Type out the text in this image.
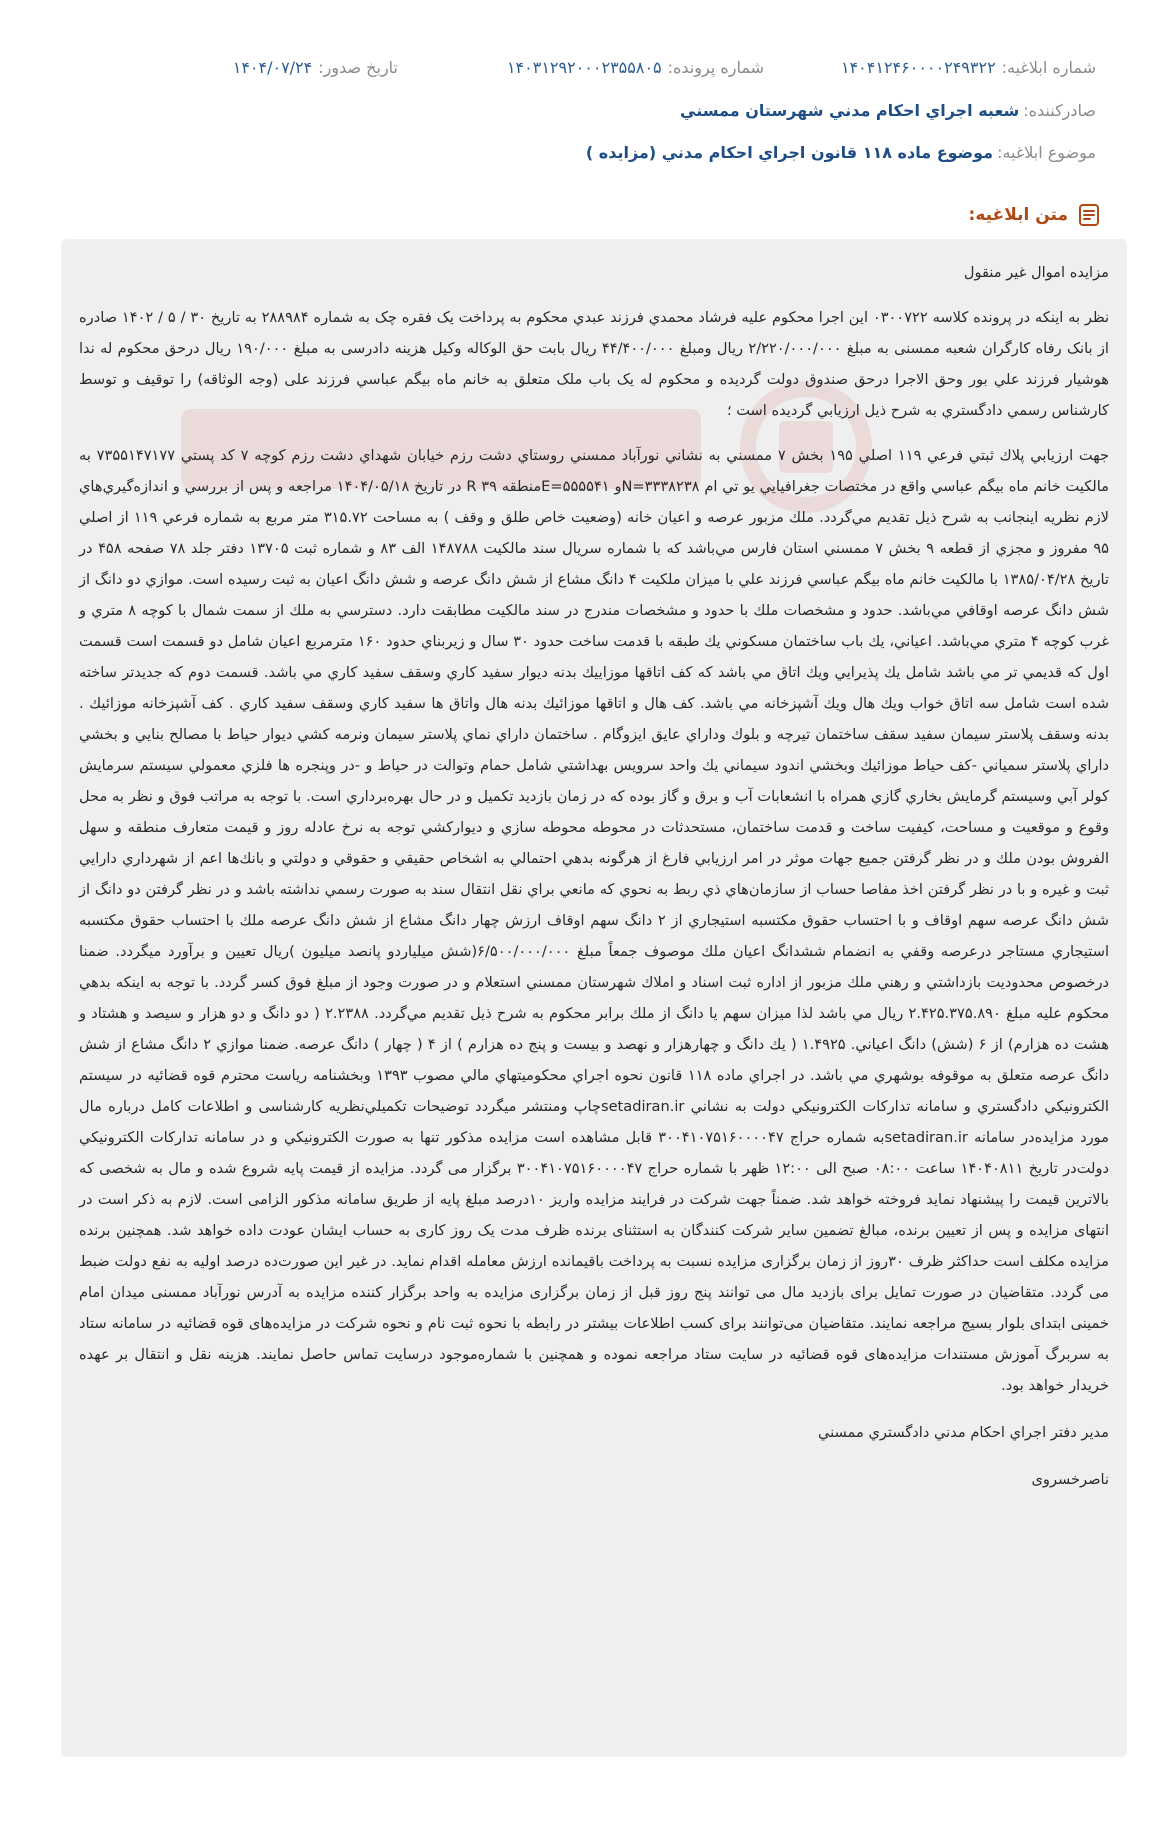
شماره ابلاغیه:۱۴۰۴۱۲۴۶۰۰۰۰۲۴۹۳۲۲
شماره پرونده:۱۴۰۳۱۲۹۲۰۰۰۲۳۵۵۸۰۵
تاریخ صدور:۱۴۰۴/۰۷/۲۴
صادرکننده:شعبه اجراي احكام مدني شهرستان ممسني
موضوع ابلاغیه:موضوع ماده ۱۱۸ قانون اجراي احكام مدني (مزايده )
متن ابلاغیه:

مزايده اموال غير منقول

نظر به اينكه در پرونده كلاسه ۰۳۰۰۷۲۲ اين اجرا محكوم عليه فرشاد محمدي فرزند عبدي محكوم به پرداخت يک فقره چک به شماره ۲۸۸۹۸۴ به تاريخ ۳۰ / ۵ / ۱۴۰۲ صادره از بانک رفاه کارگران شعبه ممسنی به مبلغ ۲/۲۲۰/۰۰۰/۰۰۰ ريال ومبلغ ۴۴/۴۰۰/۰۰۰ ريال بابت حق الوكاله وكيل هزينه دادرسی به مبلغ ۱۹۰/۰۰۰ ريال درحق محكوم له ندا هوشيار فرزند علي بور وحق الاجرا درحق صندوق دولت گرديده و محكوم له يک باب ملک متعلق به خانم ماه بيگم عباسي فرزند علی (وجه الوثاقه) را توقيف و توسط كارشناس رسمي دادگستري به شرح ذيل ارزيابي گرديده است ؛

جهت ارزيابي پلاك ثبتي فرعي ۱۱۹ اصلي ۱۹۵ بخش ۷ ممسني به نشاني نورآباد ممسني روستاي دشت رزم خيابان شهداي دشت رزم كوچه ۷ كد پستي ۷۳۵۵۱۴۷۱۷۷ به مالكيت خانم ماه بيگم عباسي واقع در مختصات جغرافيايي يو تي ام N=۳۳۳۸۲۳۸و E=۵۵۵۵۴۱منطقه ۳۹ R در تاريخ ۱۴۰۴/۰۵/۱۸ مراجعه و پس از بررسي و اندازه‌گيري‌هاي لازم نظريه اينجانب به شرح ذيل تقديم مي‌گردد. ملك مزبور عرصه و اعيان خانه (وضعيت خاص طلق و وقف ) به مساحت ۳۱۵.۷۲ متر مربع به شماره فرعي ۱۱۹ از اصلي ۹۵ مفروز و مجزي از قطعه ۹ بخش ۷ ممسني استان فارس مي‌باشد كه با شماره سريال سند مالكيت ۱۴۸۷۸۸ الف ۸۳ و شماره ثبت ۱۳۷۰۵ دفتر جلد ۷۸ صفحه ۴۵۸ در تاريخ ۱۳۸۵/۰۴/۲۸ با مالكيت خانم ماه بيگم عباسي فرزند علي با ميزان ملكيت ۴ دانگ مشاع از شش دانگ عرصه و شش دانگ اعيان به ثبت رسيده است. موازي دو دانگ از شش دانگ عرصه اوقافي مي‌باشد. حدود و مشخصات ملك با حدود و مشخصات مندرج در سند مالكيت مطابقت دارد. دسترسي به ملك از سمت شمال با كوچه ۸ متري و غرب كوچه ۴ متري مي‌باشد. اعياني، يك باب ساختمان مسكوني يك طبقه با قدمت ساخت حدود ۳۰ سال و زيربناي حدود ۱۶۰ مترمربع اعيان شامل دو قسمت است قسمت اول كه قديمي تر مي باشد شامل يك پذيرايي ويك اتاق مي باشد كه كف اتاقها موزاييك بدنه ديوار سفيد كاري وسقف سفيد كاري مي باشد. قسمت دوم كه جديدتر ساخته شده است شامل سه اتاق خواب ويك هال ويك آشپزخانه مي باشد. كف هال و اتاقها موزائيك بدنه هال واتاق ها سفيد كاري وسقف سفيد كاري . كف آشپزخانه موزائيك . بدنه وسقف پلاستر سيمان سفيد سقف ساختمان تيرچه و بلوك وداراي عايق ايزوگام . ساختمان داراي نماي پلاستر سيمان ونرمه كشي ديوار حياط با مصالح بنايي و بخشي داراي پلاستر سمياني -كف حياط موزائيك وبخشي اندود سيماني يك واحد سرويس بهداشتي شامل حمام وتوالت در حياط و -در وپنجره ها فلزي معمولي سيستم سرمايش كولر آبي وسيستم گرمايش بخاري گازي همراه با انشعابات آب و برق و گاز بوده كه در زمان بازديد تكميل و در حال بهره‌برداري است. با توجه به مراتب فوق و نظر به محل وقوع و موقعيت و مساحت، كيفيت ساخت و قدمت ساختمان، مستحدثات در محوطه محوطه سازي و ديواركشي توجه به نرخ عادله روز و قيمت متعارف منطقه و سهل الفروش بودن ملك و در نظر گرفتن جميع جهات موثر در امر ارزيابي فارغ از هرگونه بدهي احتمالي به اشخاص حقيقي و حقوقي و دولتي و بانك‌ها اعم از شهرداري دارايي ثبت و غيره و با در نظر گرفتن اخذ مفاصا حساب از سازمان‌هاي ذي ربط به نحوي كه مانعي براي نقل انتقال سند به صورت رسمي نداشته باشد و در نظر گرفتن دو دانگ از شش دانگ عرصه سهم اوقاف و با احتساب حقوق مكتسبه استيجاري از ۲ دانگ سهم اوقاف ارزش چهار دانگ مشاع از شش دانگ عرصه ملك با احتساب حقوق مكتسبه استيجاري مستاجر درعرصه وقفي به انضمام ششدانگ اعيان ملك موصوف جمعاً مبلغ ۶/۵۰۰/۰۰۰/۰۰۰(شش ميلياردو پانصد ميليون )ريال تعيين و برآورد ميگردد. ضمنا درخصوص محدوديت بازداشتي و رهني ملك مزبور از اداره ثبت اسناد و املاك شهرستان ممسني استعلام و در صورت وجود از مبلغ فوق كسر گردد. با توجه به اينكه بدهي محكوم عليه مبلغ ۲.۴۲۵.۳۷۵.۸۹۰ ريال مي باشد لذا ميزان سهم يا دانگ از ملك برابر محكوم به شرح ذيل تقديم مي‌گردد. ۲.۲۳۸۸ ( دو دانگ و دو هزار و سيصد و هشتاد و هشت ده هزارم) از ۶ (شش) دانگ اعياني. ۱.۴۹۲۵ ( يك دانگ و چهارهزار و نهصد و بيست و پنج ده هزارم ) از ۴ ( چهار ) دانگ عرصه. ضمنا موازي ۲ دانگ مشاع از شش دانگ عرصه متعلق به موقوفه بوشهري مي باشد. در اجراي ماده ۱۱۸ قانون نحوه اجراي محكوميتهاي مالي مصوب ۱۳۹۳ وبخشنامه رياست محترم قوه قضائيه در سيستم الكترونيكي دادگستري و سامانه تداركات الكترونيكي دولت به نشاني setadiran.irچاپ ومنتشر ميگردد توضيحات تكميلي‌نظريه كارشناسی و اطلاعات كامل درباره مال مورد مزايده‌در سامانه setadiran.ir‌به شماره حراج ۳۰۰۴۱۰۷۵۱۶۰۰۰۰۴۷ قابل مشاهده است مزايده مذكور تنها به صورت الكترونيكي و در سامانه تداركات الكترونيكي دولت‌در تاريخ ۱۴۰۴۰۸۱۱ ساعت ۰۸:۰۰ صبح الی ۱۲:۰۰ ظهر با شماره حراج ۳۰۰۴۱۰۷۵۱۶۰۰۰۰۴۷ برگزار می گردد. مزايده از قيمت پايه شروع شده و مال به شخصی كه بالاترين قيمت را پيشنهاد نمايد فروخته خواهد شد. ضمناً جهت شركت در فرايند مزايده واريز ۱۰درصد مبلغ پايه از طريق سامانه مذكور الزامی است. لازم به ذكر است در انتهای مزايده و پس از تعيين برنده، مبالغ تضمين ساير شركت كنندگان به استثنای برنده ظرف مدت يک روز كاری به حساب ايشان عودت داده خواهد شد. همچنين برنده مزايده مكلف است حداكثر ظرف ۳۰روز از زمان برگزاری مزايده نسبت به پرداخت باقيمانده ارزش معامله اقدام نمايد. در غير اين صورت‌ده درصد اوليه به نفع دولت ضبط می گردد. متقاضيان در صورت تمايل برای بازديد مال می توانند پنج روز قبل از زمان برگزاری مزايده به واحد برگزار كننده مزايده به آدرس نورآباد ممسنی ميدان امام خمينی ابتدای بلوار بسيج مراجعه نمايند. متقاضيان می‌توانند برای كسب اطلاعات بيشتر در رابطه با نحوه ثبت نام و نحوه شركت در مزايده‌های قوه قضائيه در سامانه ستاد به سربرگ آموزش مستندات مزايده‌های قوه قضائيه در سايت ستاد مراجعه نموده و همچنين با شماره‌موجود درسايت تماس حاصل نمايند. هزينه نقل و انتقال بر عهده خريدار خواهد بود.

مدير دفتر اجراي احكام مدني دادگستري ممسني

ناصرخسروی
